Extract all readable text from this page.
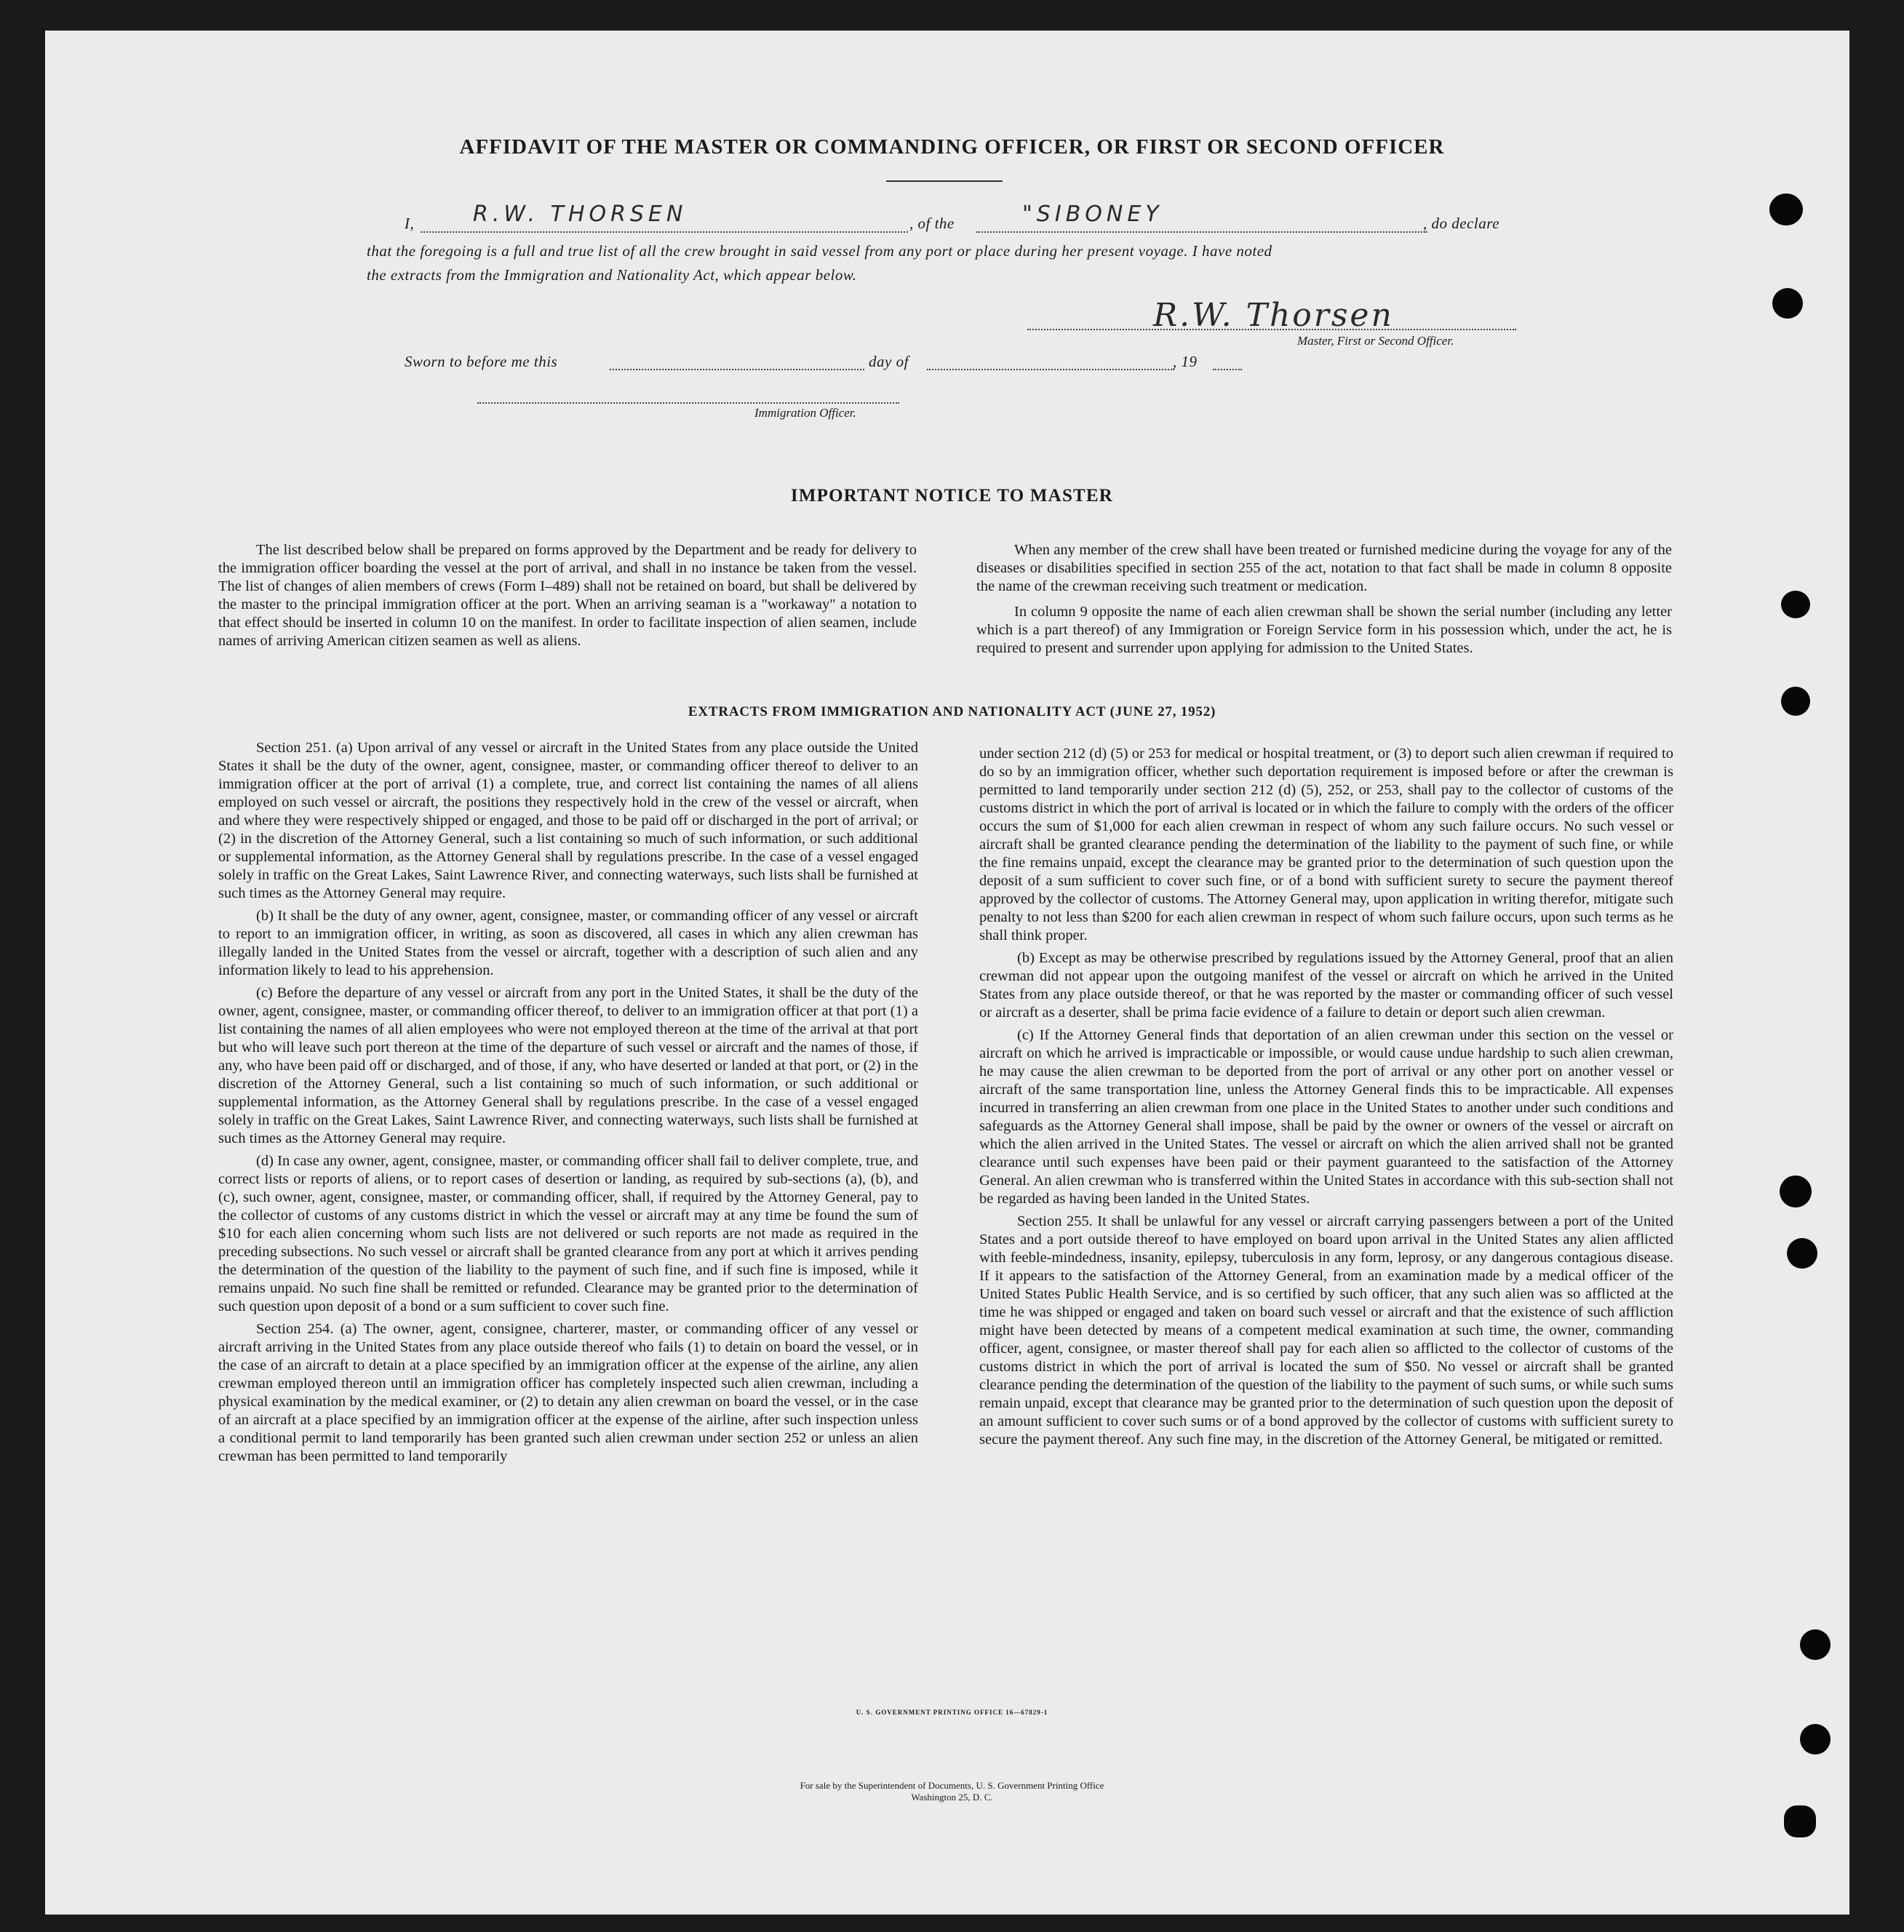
AFFIDAVIT OF THE MASTER OR COMMANDING OFFICER, OR FIRST OR SECOND OFFICER
I,	R.W. THORSEN	, of the	"SIBONEY	, do declare
that the foregoing is a full and true list of all the crew brought in said vessel from any port or place during her present voyage. I have noted
the extracts from the Immigration and Nationality Act, which appear below.
R.W. Thorsen
Master, First or Second Officer.
Sworn to before me this	day of	, 19
Immigration Officer.
IMPORTANT NOTICE TO MASTER

The list described below shall be prepared on forms approved by the Department and be ready for delivery to the immigration officer boarding the vessel at the port of arrival, and shall in no instance be taken from the vessel. The list of changes of alien members of crews (Form I–489) shall not be retained on board, but shall be delivered by the master to the principal immigration officer at the port. When an arriving seaman is a "workaway" a notation to that effect should be inserted in column 10 on the manifest. In order to facilitate inspection of alien seamen, include names of arriving American citizen seamen as well as aliens.

When any member of the crew shall have been treated or furnished medicine during the voyage for any of the diseases or disabilities specified in section 255 of the act, notation to that fact shall be made in column 8 opposite the name of the crewman receiving such treatment or medication.

In column 9 opposite the name of each alien crewman shall be shown the serial number (including any letter which is a part thereof) of any Immigration or Foreign Service form in his possession which, under the act, he is required to present and surrender upon applying for admission to the United States.

EXTRACTS FROM IMMIGRATION AND NATIONALITY ACT (JUNE 27, 1952)

Section 251. (a) Upon arrival of any vessel or aircraft in the United States from any place outside the United States it shall be the duty of the owner, agent, consignee, master, or commanding officer thereof to deliver to an immigration officer at the port of arrival (1) a complete, true, and correct list containing the names of all aliens employed on such vessel or aircraft, the positions they respectively hold in the crew of the vessel or aircraft, when and where they were respectively shipped or engaged, and those to be paid off or discharged in the port of arrival; or (2) in the discretion of the Attorney General, such a list containing so much of such information, or such additional or supplemental information, as the Attorney General shall by regulations prescribe. In the case of a vessel engaged solely in traffic on the Great Lakes, Saint Lawrence River, and connecting waterways, such lists shall be furnished at such times as the Attorney General may require.

(b) It shall be the duty of any owner, agent, consignee, master, or commanding officer of any vessel or aircraft to report to an immigration officer, in writing, as soon as discovered, all cases in which any alien crewman has illegally landed in the United States from the vessel or aircraft, together with a description of such alien and any information likely to lead to his apprehension.

(c) Before the departure of any vessel or aircraft from any port in the United States, it shall be the duty of the owner, agent, consignee, master, or commanding officer thereof, to deliver to an immigration officer at that port (1) a list containing the names of all alien employees who were not employed thereon at the time of the arrival at that port but who will leave such port thereon at the time of the departure of such vessel or aircraft and the names of those, if any, who have been paid off or discharged, and of those, if any, who have deserted or landed at that port, or (2) in the discretion of the Attorney General, such a list containing so much of such information, or such additional or supplemental information, as the Attorney General shall by regulations prescribe. In the case of a vessel engaged solely in traffic on the Great Lakes, Saint Lawrence River, and connecting waterways, such lists shall be furnished at such times as the Attorney General may require.

(d) In case any owner, agent, consignee, master, or commanding officer shall fail to deliver complete, true, and correct lists or reports of aliens, or to report cases of desertion or landing, as required by sub-sections (a), (b), and (c), such owner, agent, consignee, master, or commanding officer, shall, if required by the Attorney General, pay to the collector of customs of any customs district in which the vessel or aircraft may at any time be found the sum of $10 for each alien concerning whom such lists are not delivered or such reports are not made as required in the preceding subsections. No such vessel or aircraft shall be granted clearance from any port at which it arrives pending the determination of the question of the liability to the payment of such fine, and if such fine is imposed, while it remains unpaid. No such fine shall be remitted or refunded. Clearance may be granted prior to the determination of such question upon deposit of a bond or a sum sufficient to cover such fine.

Section 254. (a) The owner, agent, consignee, charterer, master, or commanding officer of any vessel or aircraft arriving in the United States from any place outside thereof who fails (1) to detain on board the vessel, or in the case of an aircraft to detain at a place specified by an immigration officer at the expense of the airline, any alien crewman employed thereon until an immigration officer has completely inspected such alien crewman, including a physical examination by the medical examiner, or (2) to detain any alien crewman on board the vessel, or in the case of an aircraft at a place specified by an immigration officer at the expense of the airline, after such inspection unless a conditional permit to land temporarily has been granted such alien crewman under section 252 or unless an alien crewman has been permitted to land temporarily

under section 212 (d) (5) or 253 for medical or hospital treatment, or (3) to deport such alien crewman if required to do so by an immigration officer, whether such deportation requirement is imposed before or after the crewman is permitted to land temporarily under section 212 (d) (5), 252, or 253, shall pay to the collector of customs of the customs district in which the port of arrival is located or in which the failure to comply with the orders of the officer occurs the sum of $1,000 for each alien crewman in respect of whom any such failure occurs. No such vessel or aircraft shall be granted clearance pending the determination of the liability to the payment of such fine, or while the fine remains unpaid, except the clearance may be granted prior to the determination of such question upon the deposit of a sum sufficient to cover such fine, or of a bond with sufficient surety to secure the payment thereof approved by the collector of customs. The Attorney General may, upon application in writing therefor, mitigate such penalty to not less than $200 for each alien crewman in respect of whom such failure occurs, upon such terms as he shall think proper.

(b) Except as may be otherwise prescribed by regulations issued by the Attorney General, proof that an alien crewman did not appear upon the outgoing manifest of the vessel or aircraft on which he arrived in the United States from any place outside thereof, or that he was reported by the master or commanding officer of such vessel or aircraft as a deserter, shall be prima facie evidence of a failure to detain or deport such alien crewman.

(c) If the Attorney General finds that deportation of an alien crewman under this section on the vessel or aircraft on which he arrived is impracticable or impossible, or would cause undue hardship to such alien crewman, he may cause the alien crewman to be deported from the port of arrival or any other port on another vessel or aircraft of the same transportation line, unless the Attorney General finds this to be impracticable. All expenses incurred in transferring an alien crewman from one place in the United States to another under such conditions and safeguards as the Attorney General shall impose, shall be paid by the owner or owners of the vessel or aircraft on which the alien arrived in the United States. The vessel or aircraft on which the alien arrived shall not be granted clearance until such expenses have been paid or their payment guaranteed to the satisfaction of the Attorney General. An alien crewman who is transferred within the United States in accordance with this sub-section shall not be regarded as having been landed in the United States.

Section 255. It shall be unlawful for any vessel or aircraft carrying passengers between a port of the United States and a port outside thereof to have employed on board upon arrival in the United States any alien afflicted with feeble-mindedness, insanity, epilepsy, tuberculosis in any form, leprosy, or any dangerous contagious disease. If it appears to the satisfaction of the Attorney General, from an examination made by a medical officer of the United States Public Health Service, and is so certified by such officer, that any such alien was so afflicted at the time he was shipped or engaged and taken on board such vessel or aircraft and that the existence of such affliction might have been detected by means of a competent medical examination at such time, the owner, commanding officer, agent, consignee, or master thereof shall pay for each alien so afflicted to the collector of customs of the customs district in which the port of arrival is located the sum of $50. No vessel or aircraft shall be granted clearance pending the determination of the question of the liability to the payment of such sums, or while such sums remain unpaid, except that clearance may be granted prior to the determination of such question upon the deposit of an amount sufficient to cover such sums or of a bond approved by the collector of customs with sufficient surety to secure the payment thereof. Any such fine may, in the discretion of the Attorney General, be mitigated or remitted.

U. S. GOVERNMENT PRINTING OFFICE 16—67829-1
For sale by the Superintendent of Documents, U. S. Government Printing Office
Washington 25, D. C.
